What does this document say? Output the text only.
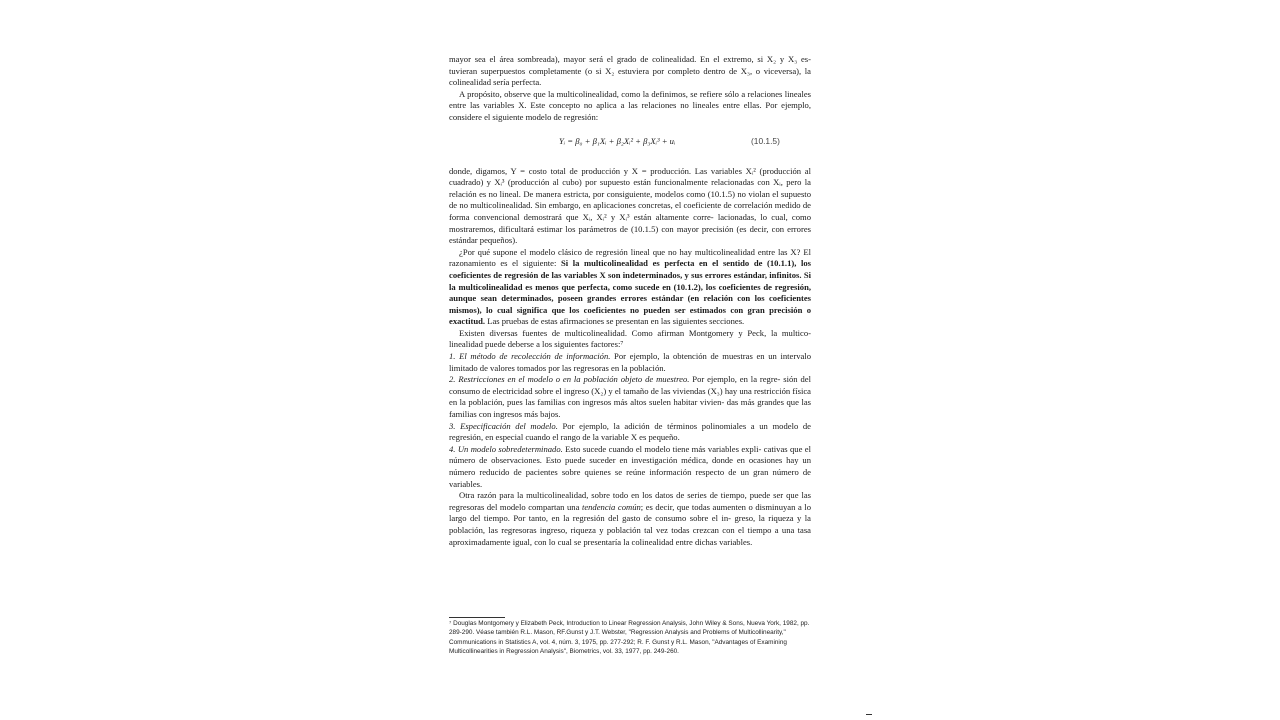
mayor sea el área sombreada), mayor será el grado de colinealidad. En el extremo, si X₂ y X₃ es- tuvieran superpuestos completamente (o si X₂ estuviera por completo dentro de X₃, o viceversa), la colinealidad sería perfecta.

A propósito, observe que la multicolinealidad, como la definimos, se refiere sólo a relaciones lineales entre las variables X. Este concepto no aplica a las relaciones no lineales entre ellas. Por ejemplo, considere el siguiente modelo de regresión:

Yᵢ = β₀ + β₁Xᵢ + β₂Xᵢ² + β₃Xᵢ³ + uᵢ	(10.1.5)

donde, digamos, Y = costo total de producción y X = producción. Las variables Xᵢ² (producción al cuadrado) y Xᵢ³ (producción al cubo) por supuesto están funcionalmente relacionadas con Xᵢ, pero la relación es no lineal. De manera estricta, por consiguiente, modelos como (10.1.5) no violan el supuesto de no multicolinealidad. Sin embargo, en aplicaciones concretas, el coeficiente de correlación medido de forma convencional demostrará que Xᵢ, Xᵢ² y Xᵢ³ están altamente corre- lacionadas, lo cual, como mostraremos, dificultará estimar los parámetros de (10.1.5) con mayor precisión (es decir, con errores estándar pequeños).

¿Por qué supone el modelo clásico de regresión lineal que no hay multicolinealidad entre las X? El razonamiento es el siguiente: Si la multicolinealidad es perfecta en el sentido de (10.1.1), los coeficientes de regresión de las variables X son indeterminados, y sus errores estándar, infinitos. Si la multicolinealidad es menos que perfecta, como sucede en (10.1.2), los coeficientes de regresión, aunque sean determinados, poseen grandes errores estándar (en relación con los coeficientes mismos), lo cual significa que los coeficientes no pueden ser estimados con gran precisión o exactitud. Las pruebas de estas afirmaciones se presentan en las siguientes secciones.

Existen diversas fuentes de multicolinealidad. Como afirman Montgomery y Peck, la multico- linealidad puede deberse a los siguientes factores:⁷

1. El método de recolección de información. Por ejemplo, la obtención de muestras en un intervalo limitado de valores tomados por las regresoras en la población.

2. Restricciones en el modelo o en la población objeto de muestreo. Por ejemplo, en la regre- sión del consumo de electricidad sobre el ingreso (X₂) y el tamaño de las viviendas (X₃) hay una restricción física en la población, pues las familias con ingresos más altos suelen habitar vivien- das más grandes que las familias con ingresos más bajos.

3. Especificación del modelo. Por ejemplo, la adición de términos polinomiales a un modelo de regresión, en especial cuando el rango de la variable X es pequeño.

4. Un modelo sobredeterminado. Esto sucede cuando el modelo tiene más variables expli- cativas que el número de observaciones. Esto puede suceder en investigación médica, donde en ocasiones hay un número reducido de pacientes sobre quienes se reúne información respecto de un gran número de variables.

Otra razón para la multicolinealidad, sobre todo en los datos de series de tiempo, puede ser que las regresoras del modelo compartan una tendencia común; es decir, que todas aumenten o disminuyan a lo largo del tiempo. Por tanto, en la regresión del gasto de consumo sobre el in- greso, la riqueza y la población, las regresoras ingreso, riqueza y población tal vez todas crezcan con el tiempo a una tasa aproximadamente igual, con lo cual se presentaría la colinealidad entre dichas variables.

⁷ Douglas Montgomery y Elizabeth Peck, Introduction to Linear Regression Analysis, John Wiley & Sons, Nueva York, 1982, pp. 289-290. Véase también R.L. Mason, RF.Gunst y J.T. Webster, "Regression Analysis and Problems of Multicollinearity," Communications in Statistics A, vol. 4, núm. 3, 1975, pp. 277-292; R. F. Gunst y R.L. Mason, "Advantages of Examining Multicollinearities in Regression Analysis", Biometrics, vol. 33, 1977, pp. 249-260.
